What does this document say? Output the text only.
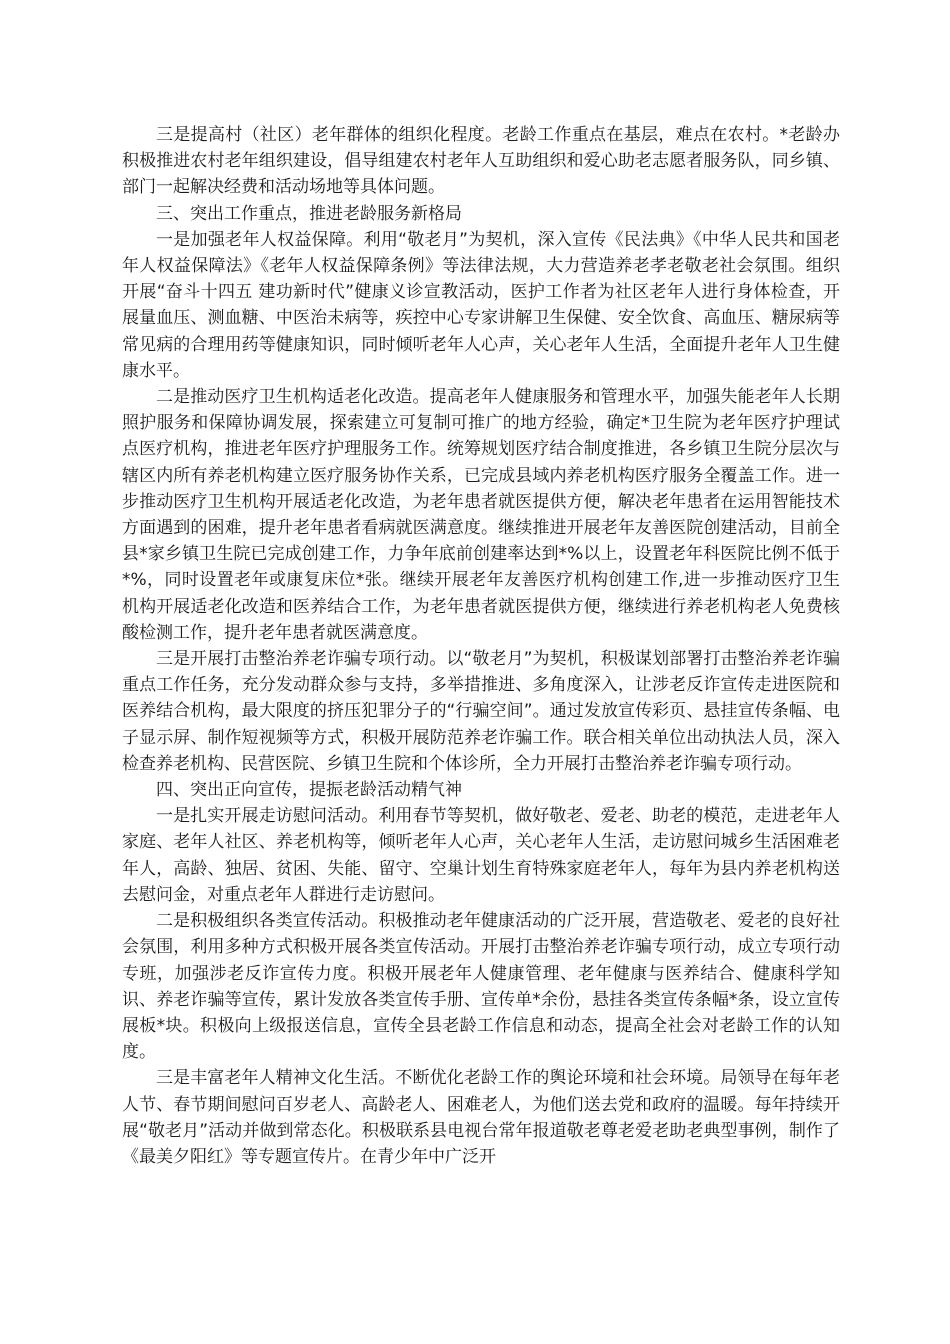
三是提高村（社区）老年群体的组织化程度。老龄工作重点在基层，难点在农村。*老龄办积极推进农村老年组织建设，倡导组建农村老年人互助组织和爱心助老志愿者服务队，同乡镇、部门一起解决经费和活动场地等具体问题。

三、突出工作重点，推进老龄服务新格局

一是加强老年人权益保障。利用“敬老月”为契机，深入宣传《民法典》《中华人民共和国老年人权益保障法》《老年人权益保障条例》等法律法规，大力营造养老孝老敬老社会氛围。组织开展“奋斗十四五 建功新时代”健康义诊宣教活动，医护工作者为社区老年人进行身体检查，开展量血压、测血糖、中医治未病等，疾控中心专家讲解卫生保健、安全饮食、高血压、糖尿病等常见病的合理用药等健康知识，同时倾听老年人心声，关心老年人生活，全面提升老年人卫生健康水平。

二是推动医疗卫生机构适老化改造。提高老年人健康服务和管理水平，加强失能老年人长期照护服务和保障协调发展，探索建立可复制可推广的地方经验，确定*卫生院为老年医疗护理试点医疗机构，推进老年医疗护理服务工作。统筹规划医疗结合制度推进，各乡镇卫生院分层次与辖区内所有养老机构建立医疗服务协作关系，已完成县域内养老机构医疗服务全覆盖工作。进一步推动医疗卫生机构开展适老化改造，为老年患者就医提供方便，解决老年患者在运用智能技术方面遇到的困难，提升老年患者看病就医满意度。继续推进开展老年友善医院创建活动，目前全县*家乡镇卫生院已完成创建工作，力争年底前创建率达到*%以上，设置老年科医院比例不低于*%，同时设置老年或康复床位*张。继续开展老年友善医疗机构创建工作,进一步推动医疗卫生机构开展适老化改造和医养结合工作，为老年患者就医提供方便，继续进行养老机构老人免费核酸检测工作，提升老年患者就医满意度。

三是开展打击整治养老诈骗专项行动。以“敬老月”为契机，积极谋划部署打击整治养老诈骗重点工作任务，充分发动群众参与支持，多举措推进、多角度深入，让涉老反诈宣传走进医院和医养结合机构，最大限度的挤压犯罪分子的“行骗空间”。通过发放宣传彩页、悬挂宣传条幅、电子显示屏、制作短视频等方式，积极开展防范养老诈骗工作。联合相关单位出动执法人员，深入检查养老机构、民营医院、乡镇卫生院和个体诊所，全力开展打击整治养老诈骗专项行动。

四、突出正向宣传，提振老龄活动精气神

一是扎实开展走访慰问活动。利用春节等契机，做好敬老、爱老、助老的模范，走进老年人家庭、老年人社区、养老机构等，倾听老年人心声，关心老年人生活，走访慰问城乡生活困难老年人，高龄、独居、贫困、失能、留守、空巢计划生育特殊家庭老年人，每年为县内养老机构送去慰问金，对重点老年人群进行走访慰问。

二是积极组织各类宣传活动。积极推动老年健康活动的广泛开展，营造敬老、爱老的良好社会氛围，利用多种方式积极开展各类宣传活动。开展打击整治养老诈骗专项行动，成立专项行动专班，加强涉老反诈宣传力度。积极开展老年人健康管理、老年健康与医养结合、健康科学知识、养老诈骗等宣传，累计发放各类宣传手册、宣传单*余份，悬挂各类宣传条幅*条，设立宣传展板*块。积极向上级报送信息，宣传全县老龄工作信息和动态，提高全社会对老龄工作的认知度。

三是丰富老年人精神文化生活。不断优化老龄工作的舆论环境和社会环境。局领导在每年老人节、春节期间慰问百岁老人、高龄老人、困难老人，为他们送去党和政府的温暖。每年持续开展“敬老月”活动并做到常态化。积极联系县电视台常年报道敬老尊老爱老助老典型事例，制作了《最美夕阳红》等专题宣传片。在青少年中广泛开
